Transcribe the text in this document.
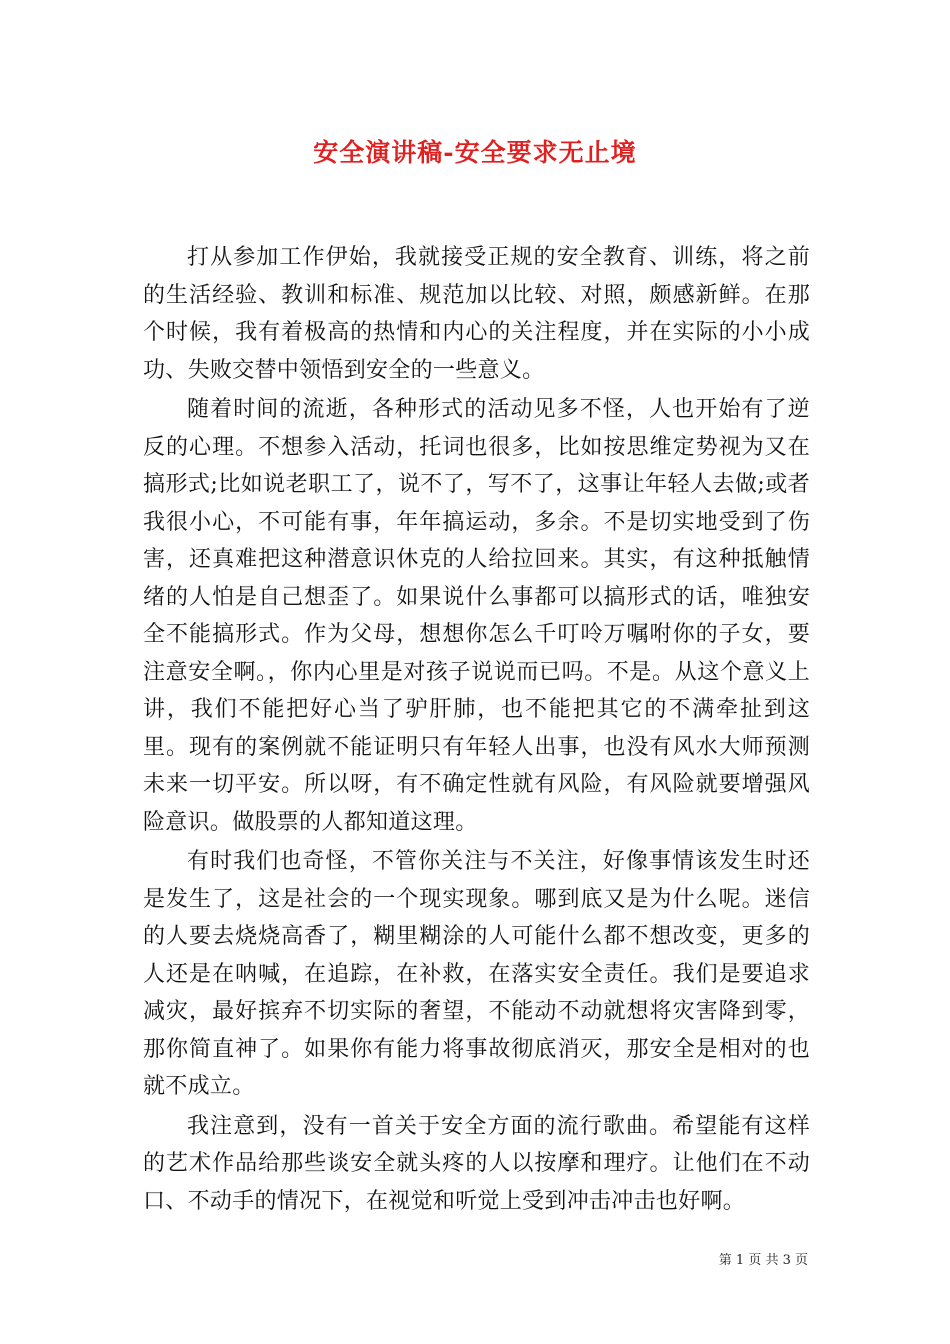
安全演讲稿-安全要求无止境

打从参加工作伊始，我就接受正规的安全教育、训练，将之前的生活经验、教训和标准、规范加以比较、对照，颇感新鲜。在那个时候，我有着极高的热情和内心的关注程度，并在实际的小小成功、失败交替中领悟到安全的一些意义。

随着时间的流逝，各种形式的活动见多不怪，人也开始有了逆反的心理。不想参入活动，托词也很多，比如按思维定势视为又在搞形式;比如说老职工了，说不了，写不了，这事让年轻人去做;或者我很小心，不可能有事，年年搞运动，多余。不是切实地受到了伤害，还真难把这种潜意识休克的人给拉回来。其实，有这种抵触情绪的人怕是自己想歪了。如果说什么事都可以搞形式的话，唯独安全不能搞形式。作为父母，想想你怎么千叮呤万嘱咐你的子女，要注意安全啊。，你内心里是对孩子说说而已吗。不是。从这个意义上讲，我们不能把好心当了驴肝肺，也不能把其它的不满牵扯到这里。现有的案例就不能证明只有年轻人出事，也没有风水大师预测未来一切平安。所以呀，有不确定性就有风险，有风险就要增强风险意识。做股票的人都知道这理。

有时我们也奇怪，不管你关注与不关注，好像事情该发生时还是发生了，这是社会的一个现实现象。哪到底又是为什么呢。迷信的人要去烧烧高香了，糊里糊涂的人可能什么都不想改变，更多的人还是在呐喊，在追踪，在补救，在落实安全责任。我们是要追求减灾，最好摈弃不切实际的奢望，不能动不动就想将灾害降到零，那你简直神了。如果你有能力将事故彻底消灭，那安全是相对的也就不成立。

我注意到，没有一首关于安全方面的流行歌曲。希望能有这样的艺术作品给那些谈安全就头疼的人以按摩和理疗。让他们在不动口、不动手的情况下，在视觉和听觉上受到冲击冲击也好啊。

第 1 页 共 3 页
